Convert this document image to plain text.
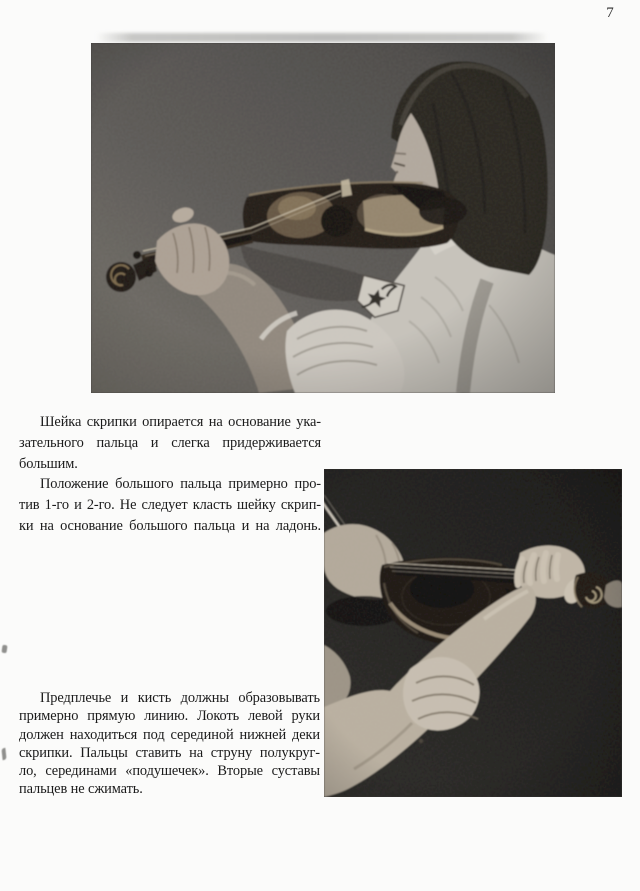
7
Шейка скрипки опирается на основание ука-
зательного пальца и слегка придерживается
большим.
Положение большого пальца примерно про-
тив 1-го и 2-го. Не следует класть шейку скрип-
ки на основание большого пальца и на ладонь.
Предплечье и кисть должны образовывать
примерно прямую линию. Локоть левой руки
должен находиться под серединой нижней деки
скрипки. Пальцы ставить на струну полукруг-
ло, серединами «подушечек». Вторые суставы
пальцев не сжимать.
